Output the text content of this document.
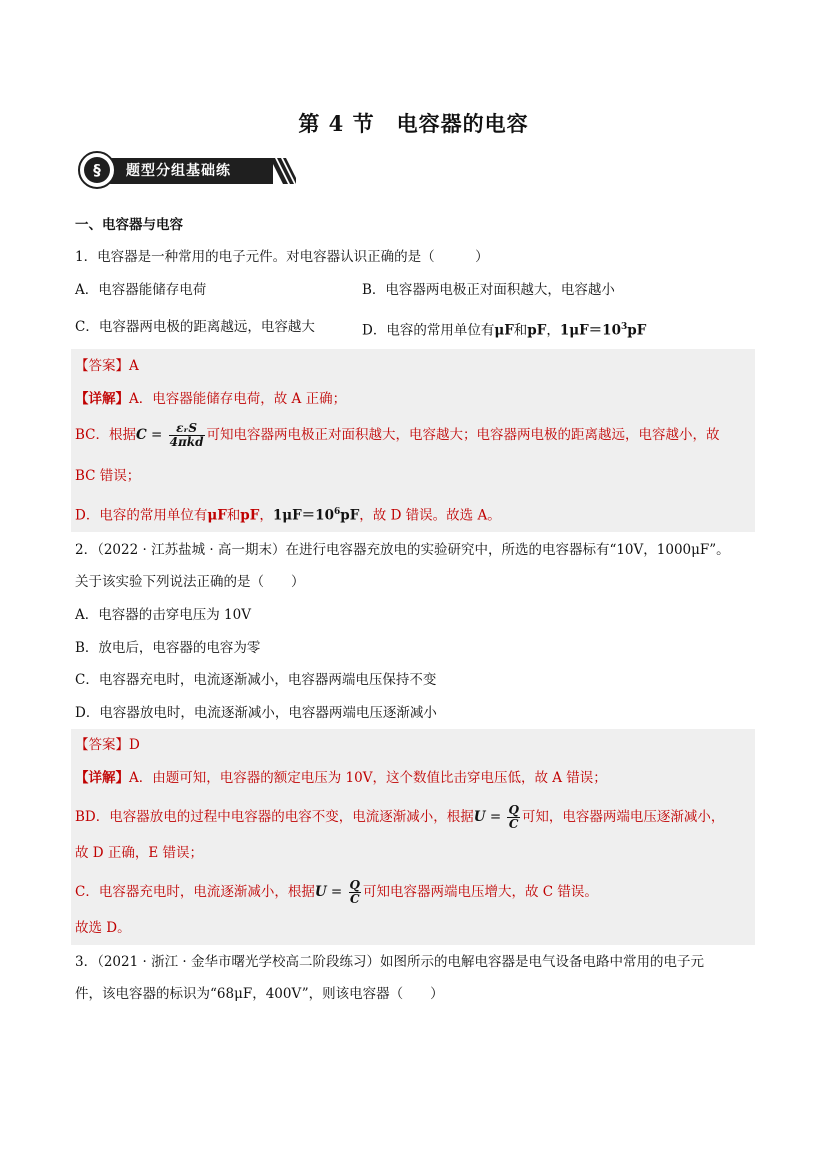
第 4 节　电容器的电容
§	题型分组基础练
一、电容器与电容
1．电容器是一种常用的电子元件。对电容器认识正确的是（　　　）
A．电容器能储存电荷	B．电容器两电极正对面积越大，电容越小
C．电容器两电极的距离越远，电容越大	D．电容的常用单位有μF和pF，$1\mu F=10^3pF$
【答案】A
【详解】A．电容器能储存电荷，故 A 正确；
BC．根据$C = \frac{\text{εᵣS}}{\text{4πkd}}$ 可知电容器两电极正对面积越大，电容越大；电容器两电极的距离越远，电容越小，故
BC 错误；
D．电容的常用单位有μF和pF，$1\mu F=10^6pF$，故 D 错误。故选 A。
2．（2022 · 江苏盐城 · 高一期末）在进行电容器充放电的实验研究中，所选的电容器标有“10V，1000μF”。
关于该实验下列说法正确的是（　　）
A．电容器的击穿电压为 10V
B．放电后，电容器的电容为零
C．电容器充电时，电流逐渐减小，电容器两端电压保持不变
D．电容器放电时，电流逐渐减小，电容器两端电压逐渐减小
【答案】D
【详解】A．由题可知，电容器的额定电压为 10V，这个数值比击穿电压低，故 A 错误；
BD．电容器放电的过程中电容器的电容不变，电流逐渐减小，根据$U = \frac{Q}{C}$ 可知，电容器两端电压逐渐减小，
故 D 正确，E 错误；
C．电容器充电时，电流逐渐减小，根据$U = \frac{Q}{C}$ 可知电容器两端电压增大，故 C 错误。
故选 D。
3．（2021 · 浙江 · 金华市曙光学校高二阶段练习）如图所示的电解电容器是电气设备电路中常用的电子元
件，该电容器的标识为“68μF，400V”，则该电容器（　　）
